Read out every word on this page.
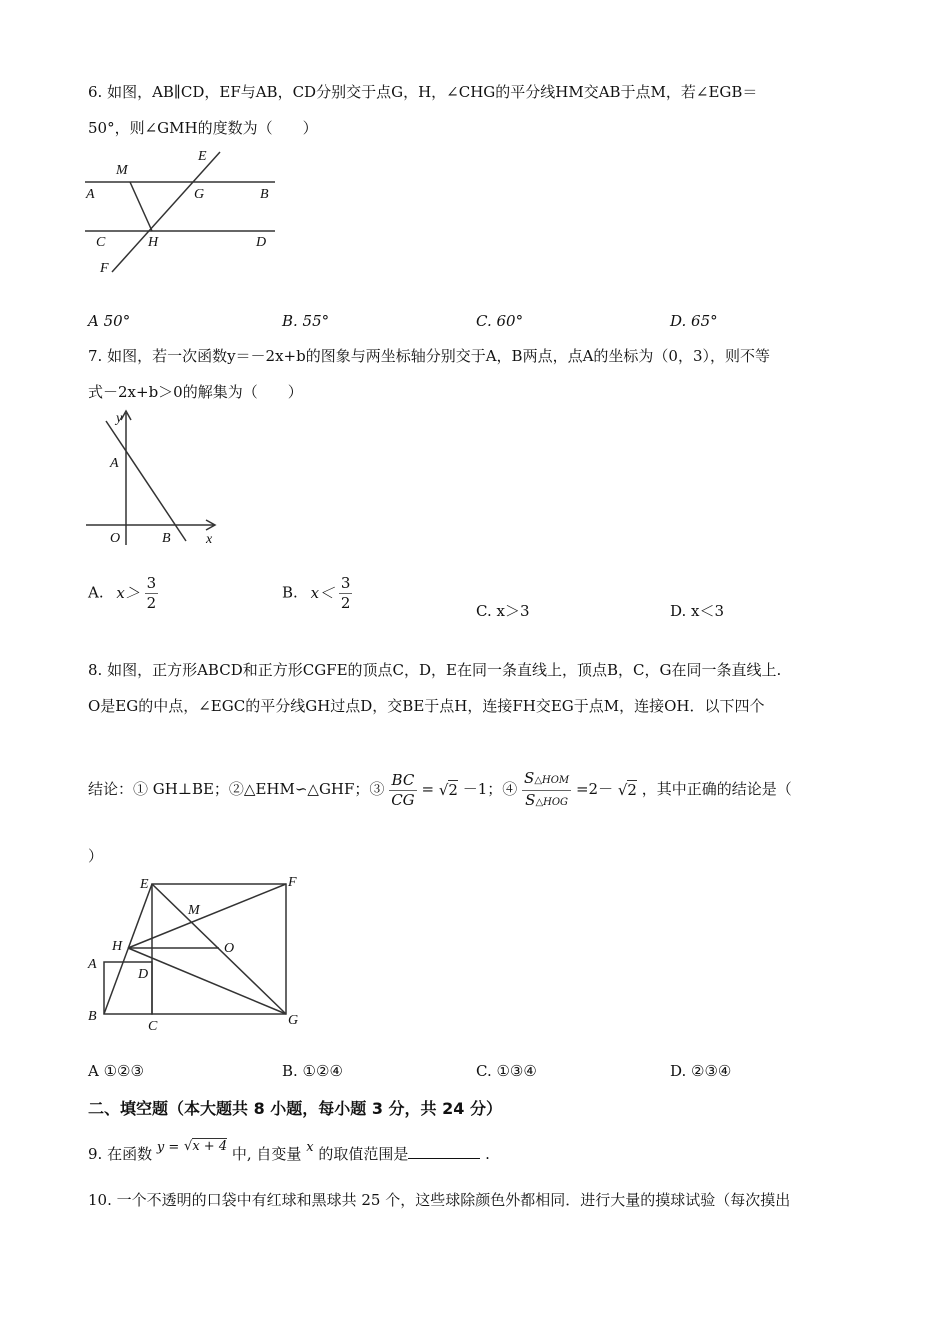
6. 如图，AB∥CD，EF与AB，CD分别交于点G，H，∠CHG的平分线HM交AB于点M，若∠EGB＝
50°，则∠GMH的度数为（　　）
E
M
A	G	B
C	H	D
F
A 50°	B. 55°	C. 60°	D. 65°
7. 如图，若一次函数y＝－2x+b的图象与两坐标轴分别交于A，B两点，点A的坐标为（0，3），则不等
式－2x+b＞0的解集为（　　）
y
A
O	B	x
A. $x> \frac{3}{2}$	B. $x< \frac{3}{2}$	C. x＞3	D. x＜3
8. 如图，正方形ABCD和正方形CGFE的顶点C，D，E在同一条直线上，顶点B，C，G在同一条直线上.
O是EG的中点，∠EGC的平分线GH过点D，交BE于点H，连接FH交EG于点M，连接OH．以下四个
结论：① GH⊥BE；②△EHM∽△GHF；③ $\frac{BC}{CG} = √2 -1$；④ $\frac{\text{S△HOM}}{\text{S△HOG}} =2- √2$ ，其中正确的结论是（
）
E	F
M
H	O
A
D
B
C	G
A ①②③	B. ①②④	C. ①③④	D. ②③④
二、填空题（本大题共 8 小题，每小题 3 分，共 24 分）
9. 在函数 y = √x + 4 中, 自变量 x 的取值范围是	.
10. 一个不透明的口袋中有红球和黑球共 25 个，这些球除颜色外都相同．进行大量的摸球试验（每次摸出
